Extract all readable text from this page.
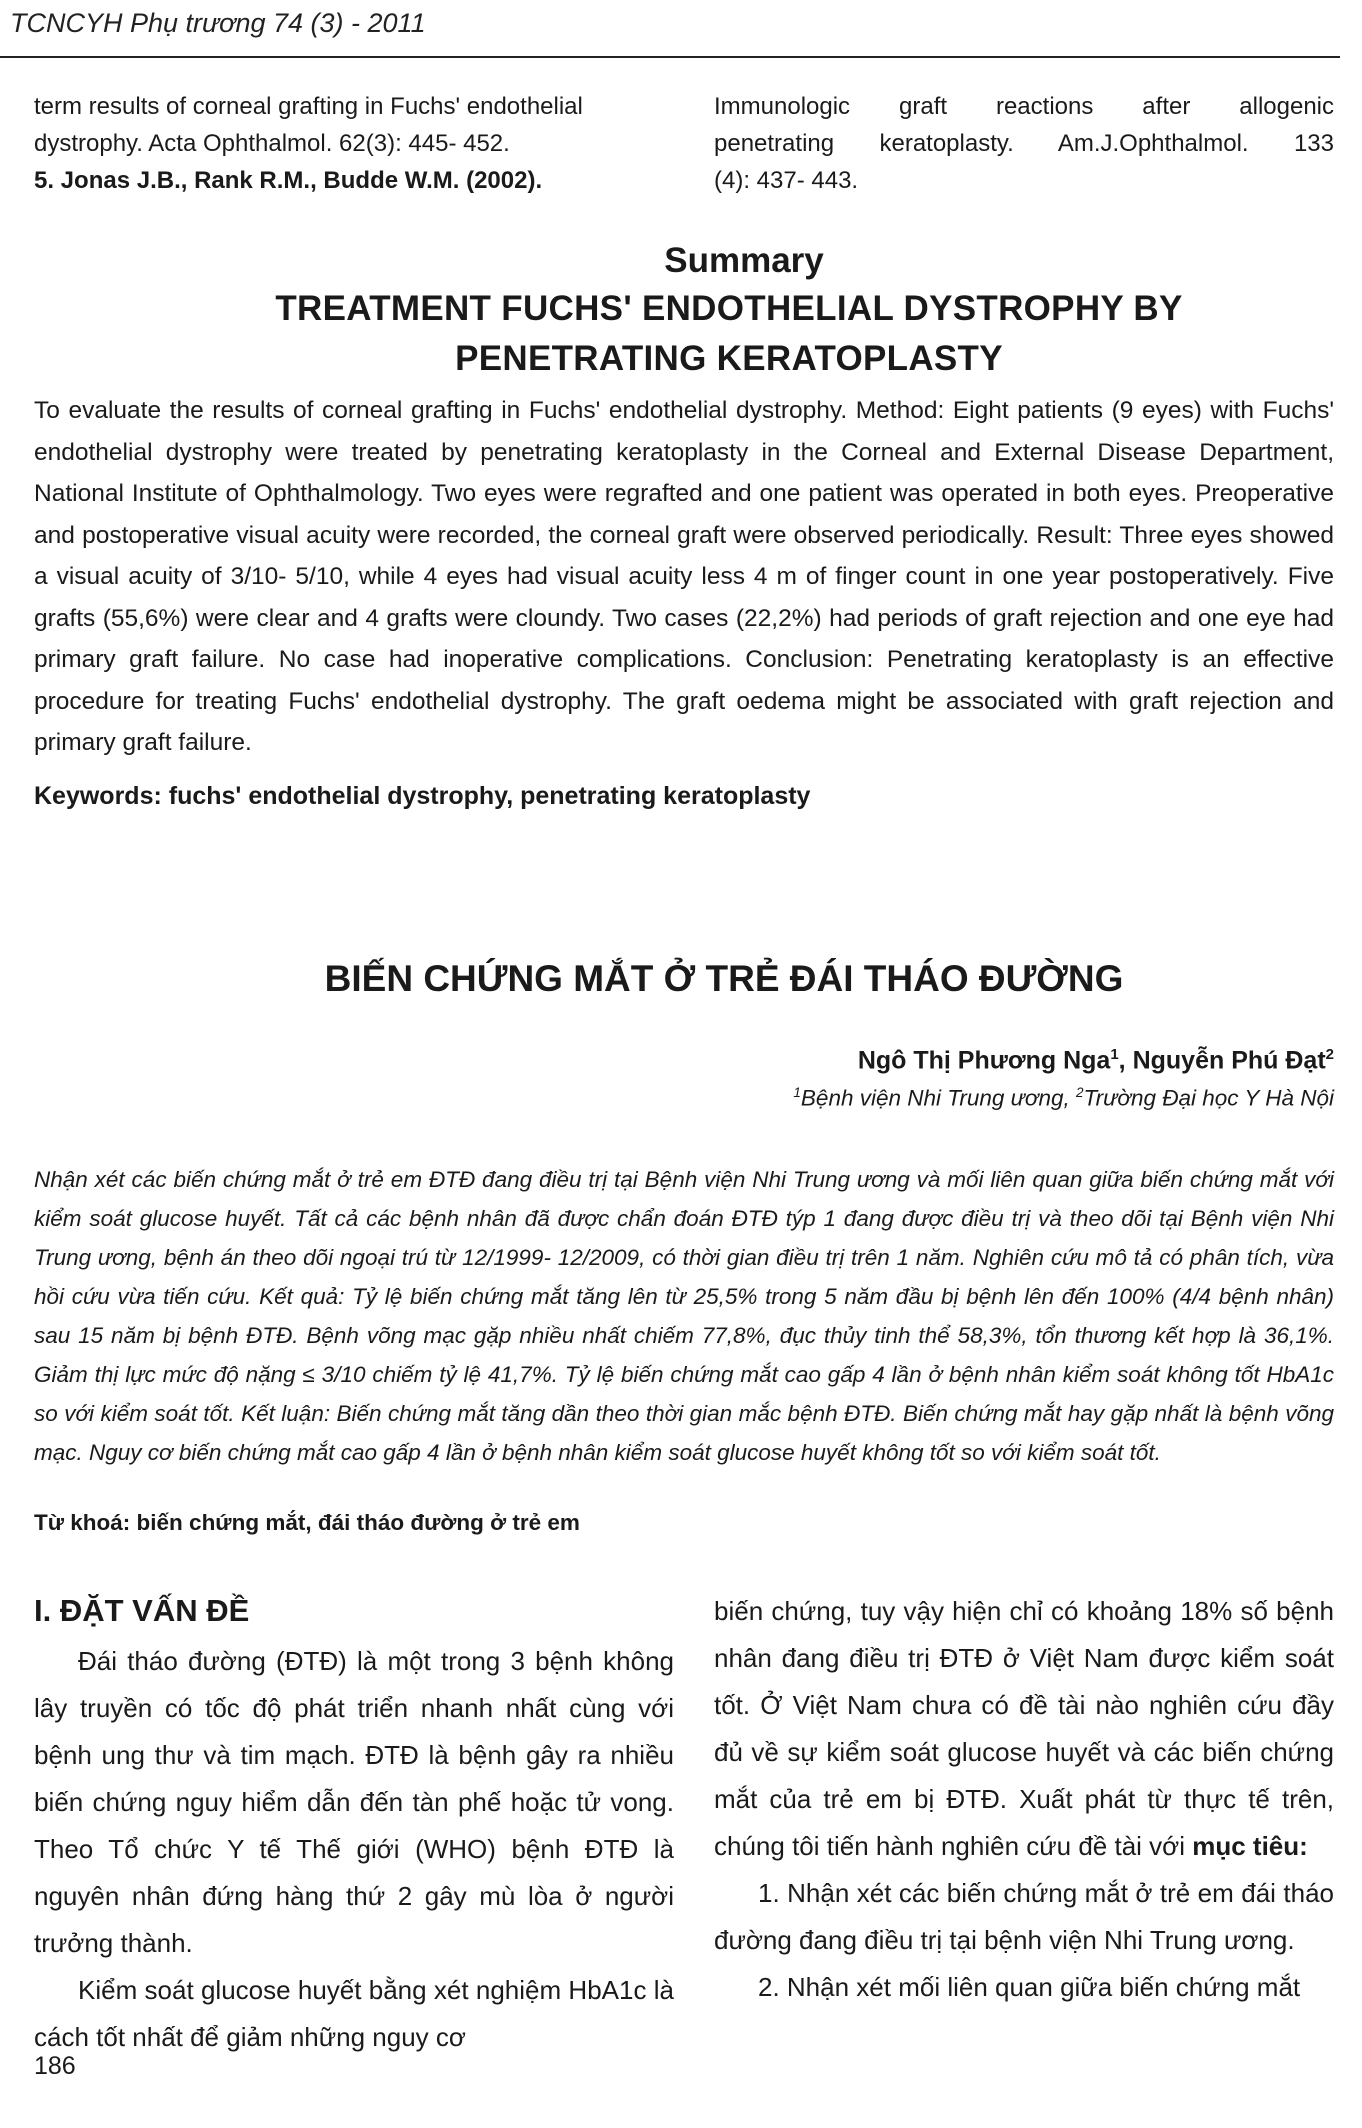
TCNCYH Phụ trương 74 (3) - 2011

term results of corneal grafting in Fuchs' endothelial dystrophy. Acta Ophthalmol. 62(3): 445- 452.

5. Jonas J.B., Rank R.M., Budde W.M. (2002).

Immunologic graft reactions after allogenic

penetrating keratoplasty. Am.J.Ophthalmol. 133

(4): 437- 443.

Summary
TREATMENT FUCHS' ENDOTHELIAL DYSTROPHY BY
PENETRATING KERATOPLASTY

To evaluate the results of corneal grafting in Fuchs' endothelial dystrophy. Method: Eight patients (9 eyes) with Fuchs' endothelial dystrophy were treated by penetrating keratoplasty in the Corneal and External Disease Department, National Institute of Ophthalmology. Two eyes were regrafted and one patient was operated in both eyes. Preoperative and postoperative visual acuity were recorded, the corneal graft were observed periodically. Result: Three eyes showed a visual acuity of 3/10- 5/10, while 4 eyes had visual acuity less 4 m of finger count in one year postoperatively. Five grafts (55,6%) were clear and 4 grafts were cloundy. Two cases (22,2%) had periods of graft rejection and one eye had primary graft failure. No case had inoperative complications. Conclusion: Penetrating keratoplasty is an effective procedure for treating Fuchs' endothelial dystrophy. The graft oedema might be associated with graft rejection and primary graft failure.

Keywords: fuchs' endothelial dystrophy, penetrating keratoplasty

BIẾN CHỨNG MẮT Ở TRẺ ĐÁI THÁO ĐƯỜNG
Ngô Thị Phương Nga$^1$, Nguyễn Phú Đạt$^2$
$^1$Bệnh viện Nhi Trung ương, $^2$Trường Đại học Y Hà Nội

Nhận xét các biến chứng mắt ở trẻ em ĐTĐ đang điều trị tại Bệnh viện Nhi Trung ương và mối liên quan giữa biến chứng mắt với kiểm soát glucose huyết. Tất cả các bệnh nhân đã được chẩn đoán ĐTĐ týp 1 đang được điều trị và theo dõi tại Bệnh viện Nhi Trung ương, bệnh án theo dõi ngoại trú từ 12/1999- 12/2009, có thời gian điều trị trên 1 năm. Nghiên cứu mô tả có phân tích, vừa hồi cứu vừa tiến cứu. Kết quả: Tỷ lệ biến chứng mắt tăng lên từ 25,5% trong 5 năm đầu bị bệnh lên đến 100% (4/4 bệnh nhân) sau 15 năm bị bệnh ĐTĐ. Bệnh võng mạc gặp nhiều nhất chiếm 77,8%, đục thủy tinh thể 58,3%, tổn thương kết hợp là 36,1%. Giảm thị lực mức độ nặng ≤ 3/10 chiếm tỷ lệ 41,7%. Tỷ lệ biến chứng mắt cao gấp 4 lần ở bệnh nhân kiểm soát không tốt HbA1c so với kiểm soát tốt. Kết luận: Biến chứng mắt tăng dần theo thời gian mắc bệnh ĐTĐ. Biến chứng mắt hay gặp nhất là bệnh võng mạc. Nguy cơ biến chứng mắt cao gấp 4 lần ở bệnh nhân kiểm soát glucose huyết không tốt so với kiểm soát tốt.

Từ khoá: biến chứng mắt, đái tháo đường ở trẻ em

I. ĐẶT VẤN ĐỀ

Đái tháo đường (ĐTĐ) là một trong 3 bệnh không lây truyền có tốc độ phát triển nhanh nhất cùng với bệnh ung thư và tim mạch. ĐTĐ là bệnh gây ra nhiều biến chứng nguy hiểm dẫn đến tàn phế hoặc tử vong. Theo Tổ chức Y tế Thế giới (WHO) bệnh ĐTĐ là nguyên nhân đứng hàng thứ 2 gây mù lòa ở người trưởng thành.

Kiểm soát glucose huyết bằng xét nghiệm HbA1c là cách tốt nhất để giảm những nguy cơ

biến chứng, tuy vậy hiện chỉ có khoảng 18% số bệnh nhân đang điều trị ĐTĐ ở Việt Nam được kiểm soát tốt. Ở Việt Nam chưa có đề tài nào nghiên cứu đầy đủ về sự kiểm soát glucose huyết và các biến chứng mắt của trẻ em bị ĐTĐ. Xuất phát từ thực tế trên, chúng tôi tiến hành nghiên cứu đề tài với mục tiêu:

1. Nhận xét các biến chứng mắt ở trẻ em đái tháo đường đang điều trị tại bệnh viện Nhi Trung ương.

2. Nhận xét mối liên quan giữa biến chứng mắt

186
